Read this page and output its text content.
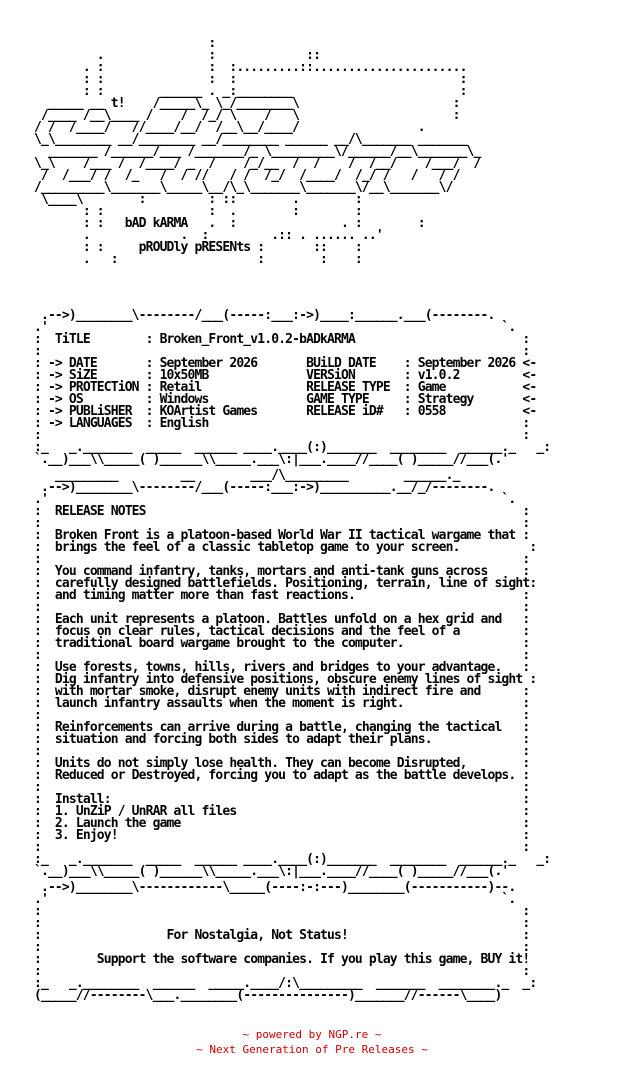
:
.               :             ::
. :               :  :.........::......................
: :               :  :                                :
: :        ______ . _:________                        :
_____ __ t!    /_____\_ \_/________\                      :
/____ /__\____ /    /  /_/ \    /   \                      :
/ /  /____/   //____/__/  /__\__/____/                 .
\_\________ __/________ __/________ ______ __/\_______ _______
_______ /______/___ /_______/_ \_________\/______/__\_______\_
\_\    /___ /  /____/ _  /    /_/__  /  /    /  /__/    /___/  /
/  /___/ /  /_   /  / //   / /  /_/  /____/  /_/ /   /   / /
/_________\_______\_____\__/\_\_______\_______\/__\_______\/
\____\        :         : ::        .        :
: :               :  .        :        :
: :   bAD kARMA   .  :               . :        :
.             .  :         .:: . ...... ..'
: :     pROUDly pRESENts :       ::    :
.   :                    :        :    :
.-->)________\--------/___(-----:___:->)____:______.___(--------.
.'                                                                 `.
:  TiTLE        : Broken_Front_v1.0.2-bADkARMA                        :
:                                                                     :
: -> DATE       : September 2026       BUiLD DATE    : September 2026 <-
: -> SiZE       : 10x50MB              VERSiON       : v1.0.2         <-
: -> PROTECTiON : Retail               RELEASE TYPE  : Game           <-
: -> OS         : Windows              GAME TYPE     : Strategy       <-
: -> PUBLiSHER  : KOArtist Games       RELEASE iD#   : 0558           <-
: -> LANGUAGES  : English                                             :
:                                                                     :
:_   _._______  _____  ______ ____.____(:)_______  ________  ______._   _:
`.__)___\\_____( )______\\_____.___\:|___.____//____( )_____//___(.'
_________         __        ___/\_________        ______._
.-->)________\--------/___(-----:___:->)__________.__/_/--------.
.'                                                                 `.
:  RELEASE NOTES                                                      :
:                                                                     :
:  Broken Front is a platoon-based World War II tactical wargame that :
:  brings the feel of a classic tabletop game to your screen.          :
:                                                                     :
:  You command infantry, tanks, mortars and anti-tank guns across     :
:  carefully designed battlefields. Positioning, terrain, line of sight:
:  and timing matter more than fast reactions.                        :
:                                                                     :
:  Each unit represents a platoon. Battles unfold on a hex grid and   :
:  focus on clear rules, tactical decisions and the feel of a         :
:  traditional board wargame brought to the computer.                 :
:                                                                     :
:  Use forests, towns, hills, rivers and bridges to your advantage.   :
:  Dig infantry into defensive positions, obscure enemy lines of sight :
:  with mortar smoke, disrupt enemy units with indirect fire and      :
:  launch infantry assaults when the moment is right.                 :
:                                                                     :
:  Reinforcements can arrive during a battle, changing the tactical   :
:  situation and forcing both sides to adapt their plans.             :
:                                                                     :
:  Units do not simply lose health. They can become Disrupted,        :
:  Reduced or Destroyed, forcing you to adapt as the battle develops. :
:                                                                     :
:  Install:                                                           :
:  1. UnZiP / UnRAR all files                                         :
:  2. Launch the game                                                 :
:  3. Enjoy!                                                          :
:                                                                     :
:_   _._______  _____  ______ ____.____(:)_______  ________  ______._   _:
`.__)___\\_____( )______\\_____.___\:|___.____//____( )_____//___(.'
.-->)________\------------\_____(----:-:---)________(-----------)--.
.'                                                                 `.
:                                                                     :
:                                                                     :
:                  For Nostalgia, Not Status!                         :
:                                                                     :
:        Support the software companies. If you play this game, BUY it!
:                                                                     :
:_   _.________  ______  _____.____/:\_________  _______  ________._  _:
(_____//--------\___.________(---------------)_______//------\____)
~ powered by NGP.re ~
~ Next Generation of Pre Releases ~
